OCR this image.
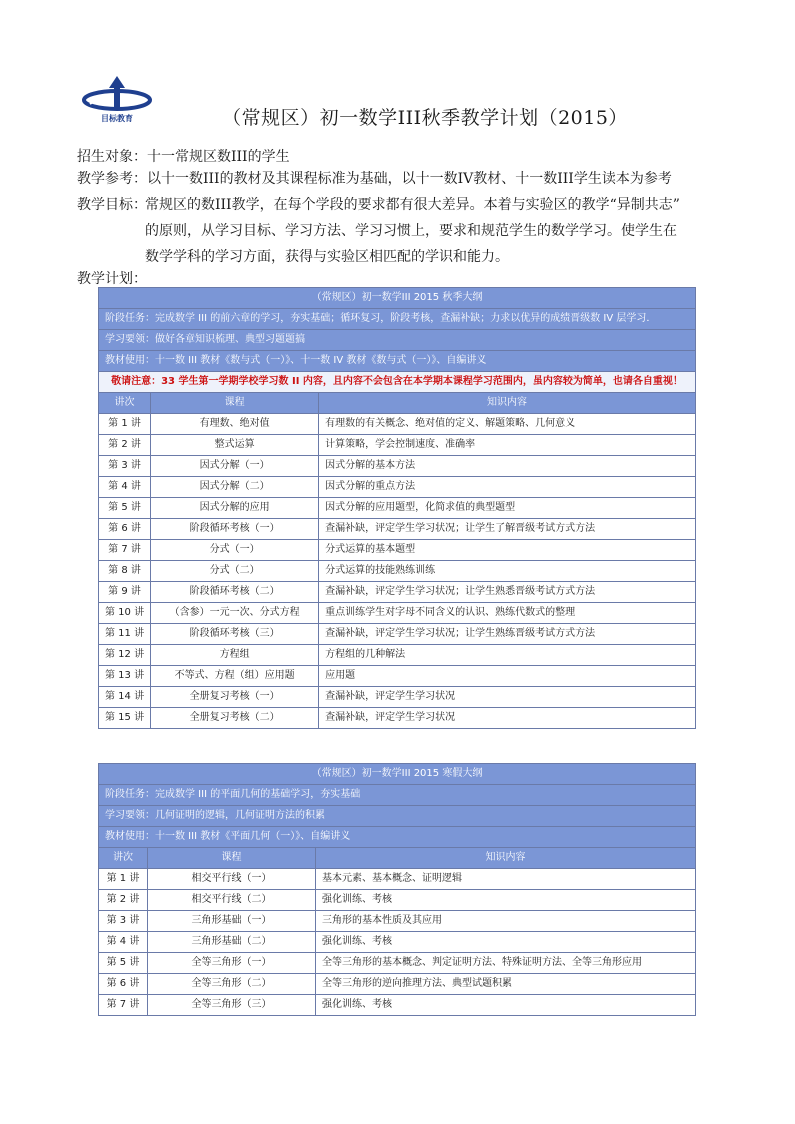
目标教育	（常规区）初一数学III秋季教学计划（2015）
招生对象：十一常规区数III的学生
教学参考：以十一数III的教材及其课程标准为基础，以十一数IV教材、十一数III学生读本为参考
教学目标：
常规区的数III教学，在每个学段的要求都有很大差异。本着与实验区的教学“异制共志”
的原则，从学习目标、学习方法、学习习惯上，要求和规范学生的数学学习。使学生在
数学学科的学习方面，获得与实验区相匹配的学识和能力。
教学计划：
（常规区）初一数学III 2015 秋季大纲		
阶段任务：完成数学 III 的前六章的学习，夯实基础；循环复习，阶段考核，查漏补缺；力求以优异的成绩晋级数 IV 层学习．		
学习要领：做好各章知识梳理、典型习题题搞		
教材使用：十一数 III 教材《数与式（一）》、十一数 IV 教材《数与式（一）》、自编讲义		
敬请注意：33 学生第一学期学校学习数 II 内容，且内容不会包含在本学期本课程学习范围内，虽内容较为简单，也请各自重视！		
讲次	课程	知识内容
第 1 讲	有理数、绝对值	有理数的有关概念、绝对值的定义、解题策略、几何意义
第 2 讲	整式运算	计算策略，学会控制速度、准确率
第 3 讲	因式分解（一）	因式分解的基本方法
第 4 讲	因式分解（二）	因式分解的重点方法
第 5 讲	因式分解的应用	因式分解的应用题型，化简求值的典型题型
第 6 讲	阶段循环考核（一）	查漏补缺，评定学生学习状况；让学生了解晋级考试方式方法
第 7 讲	分式（一）	分式运算的基本题型
第 8 讲	分式（二）	分式运算的技能熟练训练
第 9 讲	阶段循环考核（二）	查漏补缺，评定学生学习状况；让学生熟悉晋级考试方式方法
第 10 讲	（含参）一元一次、分式方程	重点训练学生对字母不同含义的认识、熟练代数式的整理
第 11 讲	阶段循环考核（三）	查漏补缺，评定学生学习状况；让学生熟练晋级考试方式方法
第 12 讲	方程组	方程组的几种解法
第 13 讲	不等式、方程（组）应用题	应用题
第 14 讲	全册复习考核（一）	查漏补缺，评定学生学习状况
第 15 讲	全册复习考核（二）	查漏补缺，评定学生学习状况
（常规区）初一数学III 2015 寒假大纲		
阶段任务：完成数学 III 的平面几何的基础学习，夯实基础		
学习要领：几何证明的逻辑，几何证明方法的积累		
教材使用：十一数 III 教材《平面几何（一）》、自编讲义		
讲次	课程	知识内容
第 1 讲	相交平行线（一）	基本元素、基本概念、证明逻辑
第 2 讲	相交平行线（二）	强化训练、考核
第 3 讲	三角形基础（一）	三角形的基本性质及其应用
第 4 讲	三角形基础（二）	强化训练、考核
第 5 讲	全等三角形（一）	全等三角形的基本概念、判定证明方法、特殊证明方法、全等三角形应用
第 6 讲	全等三角形（二）	全等三角形的逆向推理方法、典型试题积累
第 7 讲	全等三角形（三）	强化训练、考核
